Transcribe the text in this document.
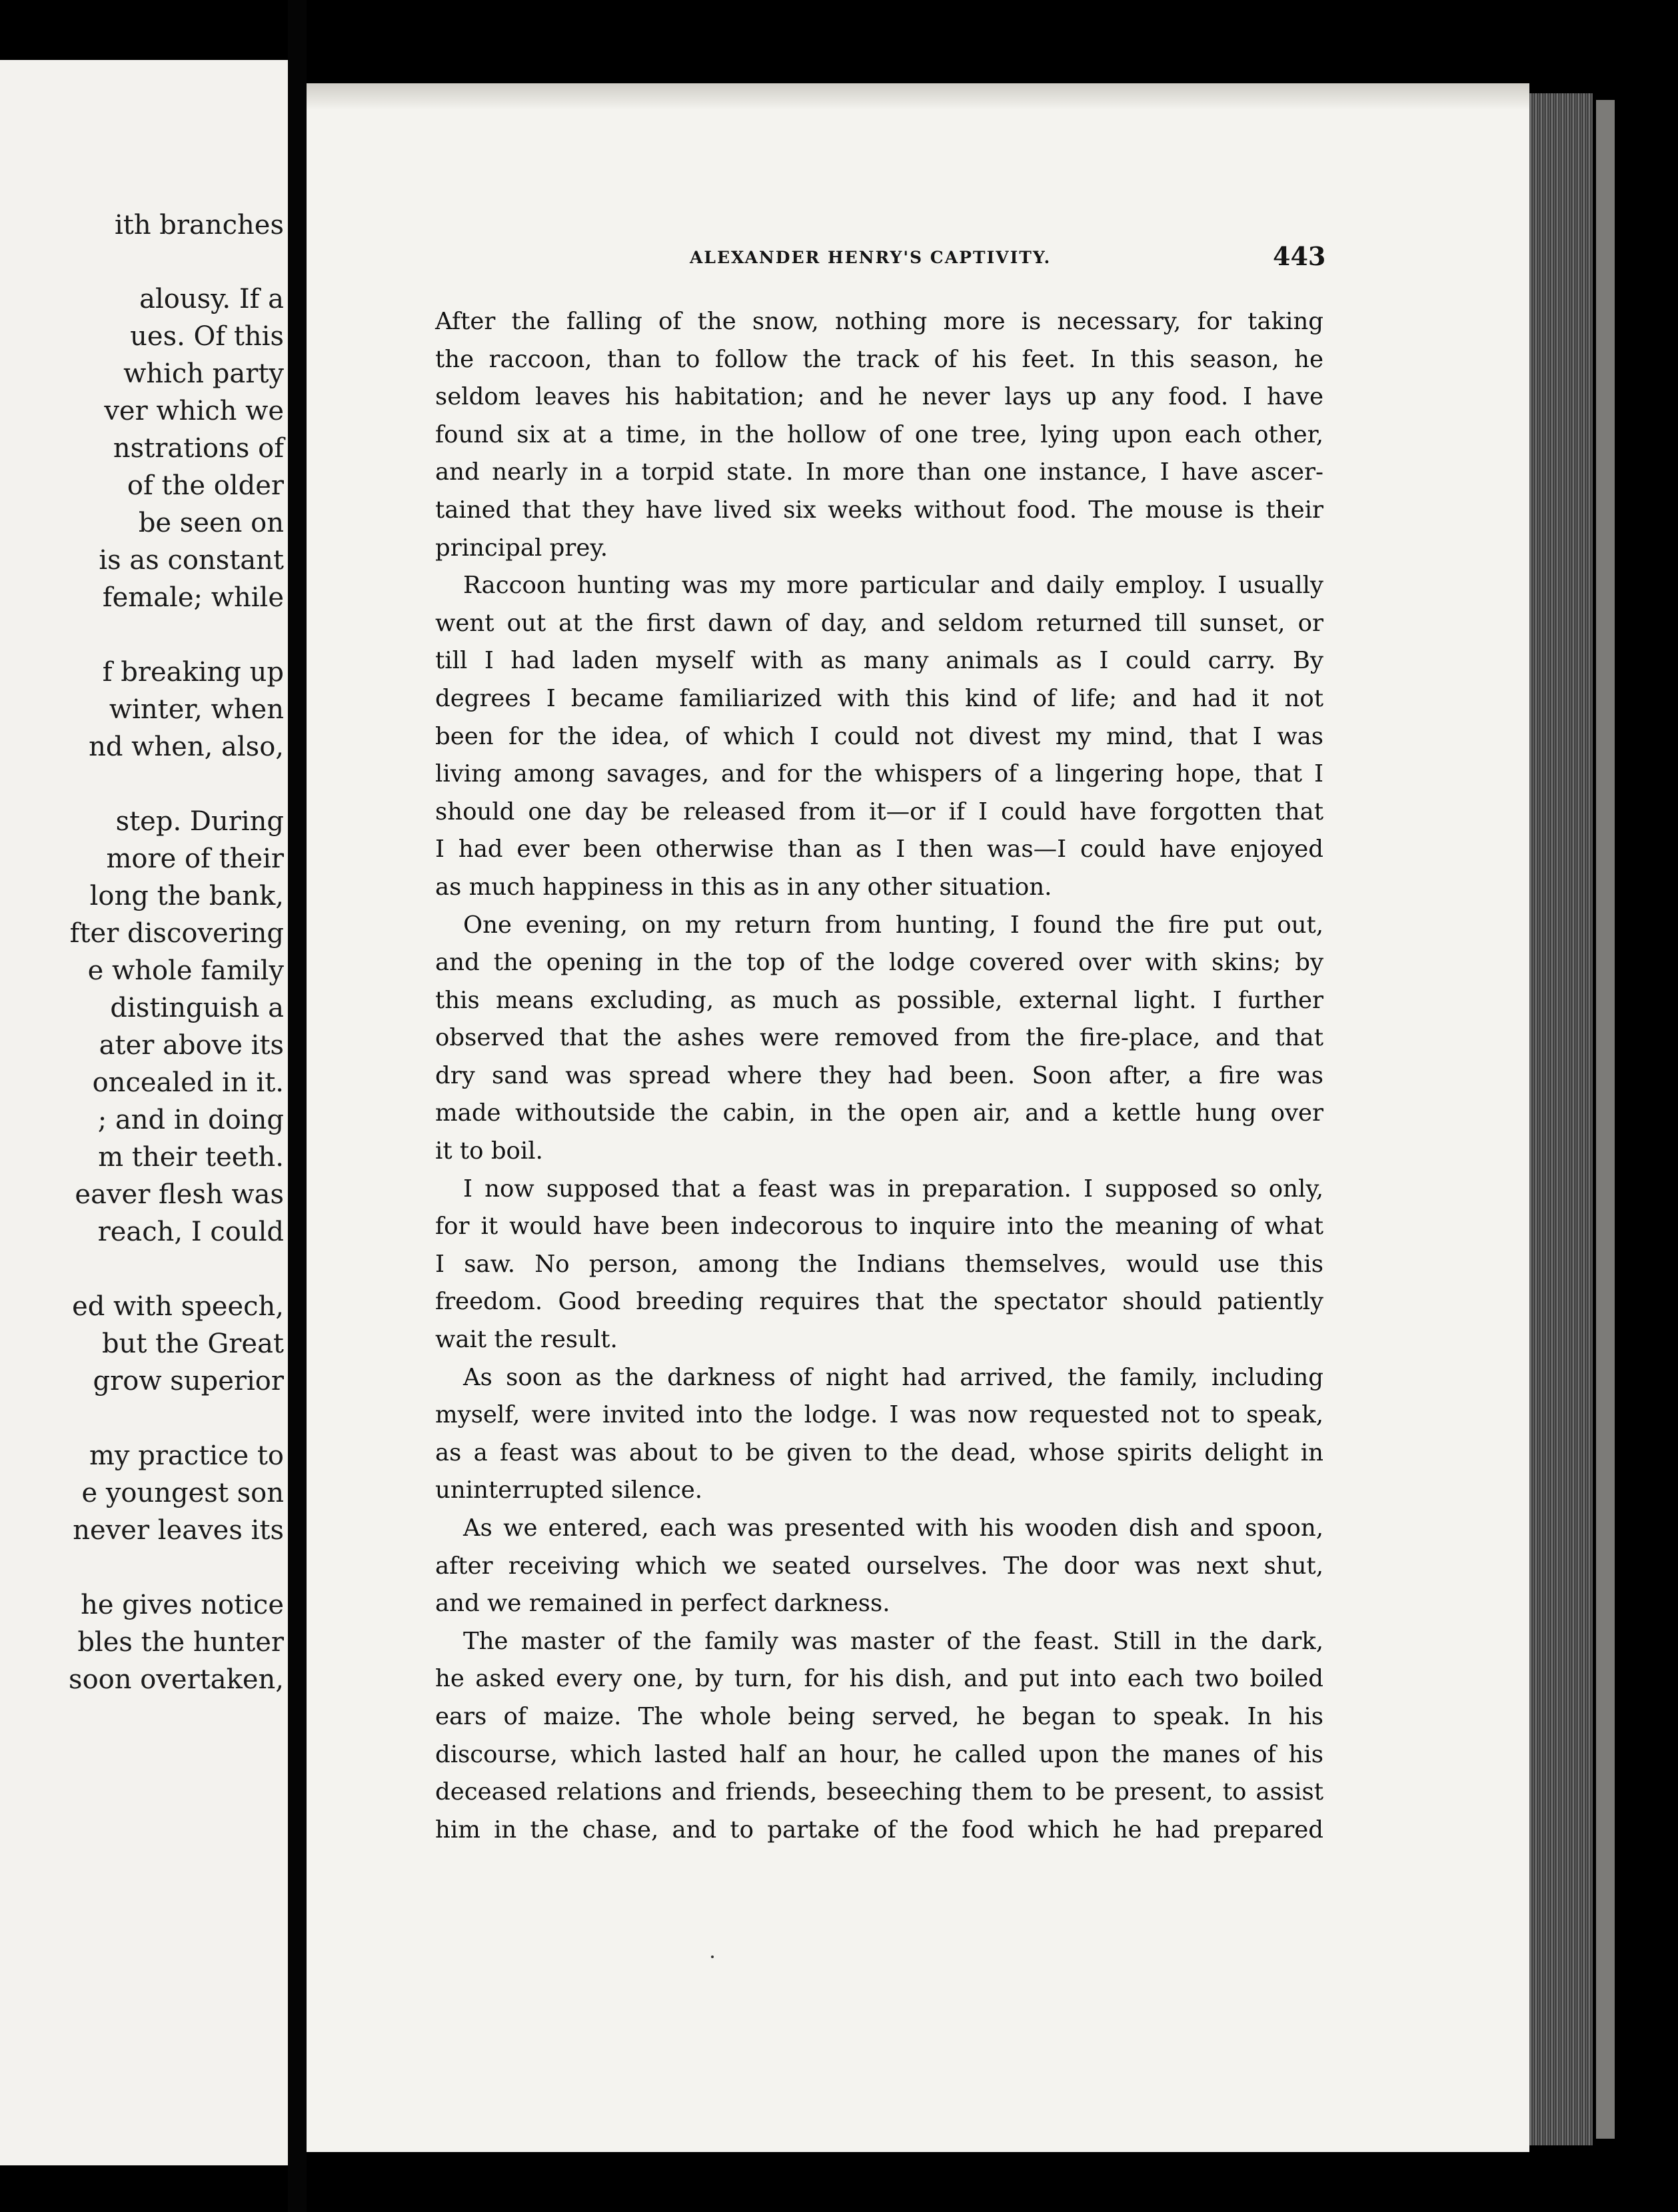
ith branches
alousy. If a
ues. Of this
which party
ver which we
nstrations of
of the older
be seen on
is as constant
female; while
f breaking up
winter, when
nd when, also,
step. During
more of their
long the bank,
fter discovering
e whole family
distinguish a
ater above its
oncealed in it.
; and in doing
m their teeth.
eaver flesh was
reach, I could
ed with speech,
but the Great
grow superior
my practice to
e youngest son
never leaves its
he gives notice
bles the hunter
soon overtaken,
ALEXANDER HENRY'S CAPTIVITY.	443
After the falling of the snow, nothing more is necessary, for taking
the raccoon, than to follow the track of his feet. In this season, he
seldom leaves his habitation; and he never lays up any food. I have
found six at a time, in the hollow of one tree, lying upon each other,
and nearly in a torpid state. In more than one instance, I have ascer-
tained that they have lived six weeks without food. The mouse is their
principal prey.
Raccoon hunting was my more particular and daily employ. I usually
went out at the first dawn of day, and seldom returned till sunset, or
till I had laden myself with as many animals as I could carry. By
degrees I became familiarized with this kind of life; and had it not
been for the idea, of which I could not divest my mind, that I was
living among savages, and for the whispers of a lingering hope, that I
should one day be released from it—or if I could have forgotten that
I had ever been otherwise than as I then was—I could have enjoyed
as much happiness in this as in any other situation.
One evening, on my return from hunting, I found the fire put out,
and the opening in the top of the lodge covered over with skins; by
this means excluding, as much as possible, external light. I further
observed that the ashes were removed from the fire-place, and that
dry sand was spread where they had been. Soon after, a fire was
made withoutside the cabin, in the open air, and a kettle hung over
it to boil.
I now supposed that a feast was in preparation. I supposed so only,
for it would have been indecorous to inquire into the meaning of what
I saw. No person, among the Indians themselves, would use this
freedom. Good breeding requires that the spectator should patiently
wait the result.
As soon as the darkness of night had arrived, the family, including
myself, were invited into the lodge. I was now requested not to speak,
as a feast was about to be given to the dead, whose spirits delight in
uninterrupted silence.
As we entered, each was presented with his wooden dish and spoon,
after receiving which we seated ourselves. The door was next shut,
and we remained in perfect darkness.
The master of the family was master of the feast. Still in the dark,
he asked every one, by turn, for his dish, and put into each two boiled
ears of maize. The whole being served, he began to speak. In his
discourse, which lasted half an hour, he called upon the manes of his
deceased relations and friends, beseeching them to be present, to assist
him in the chase, and to partake of the food which he had prepared
